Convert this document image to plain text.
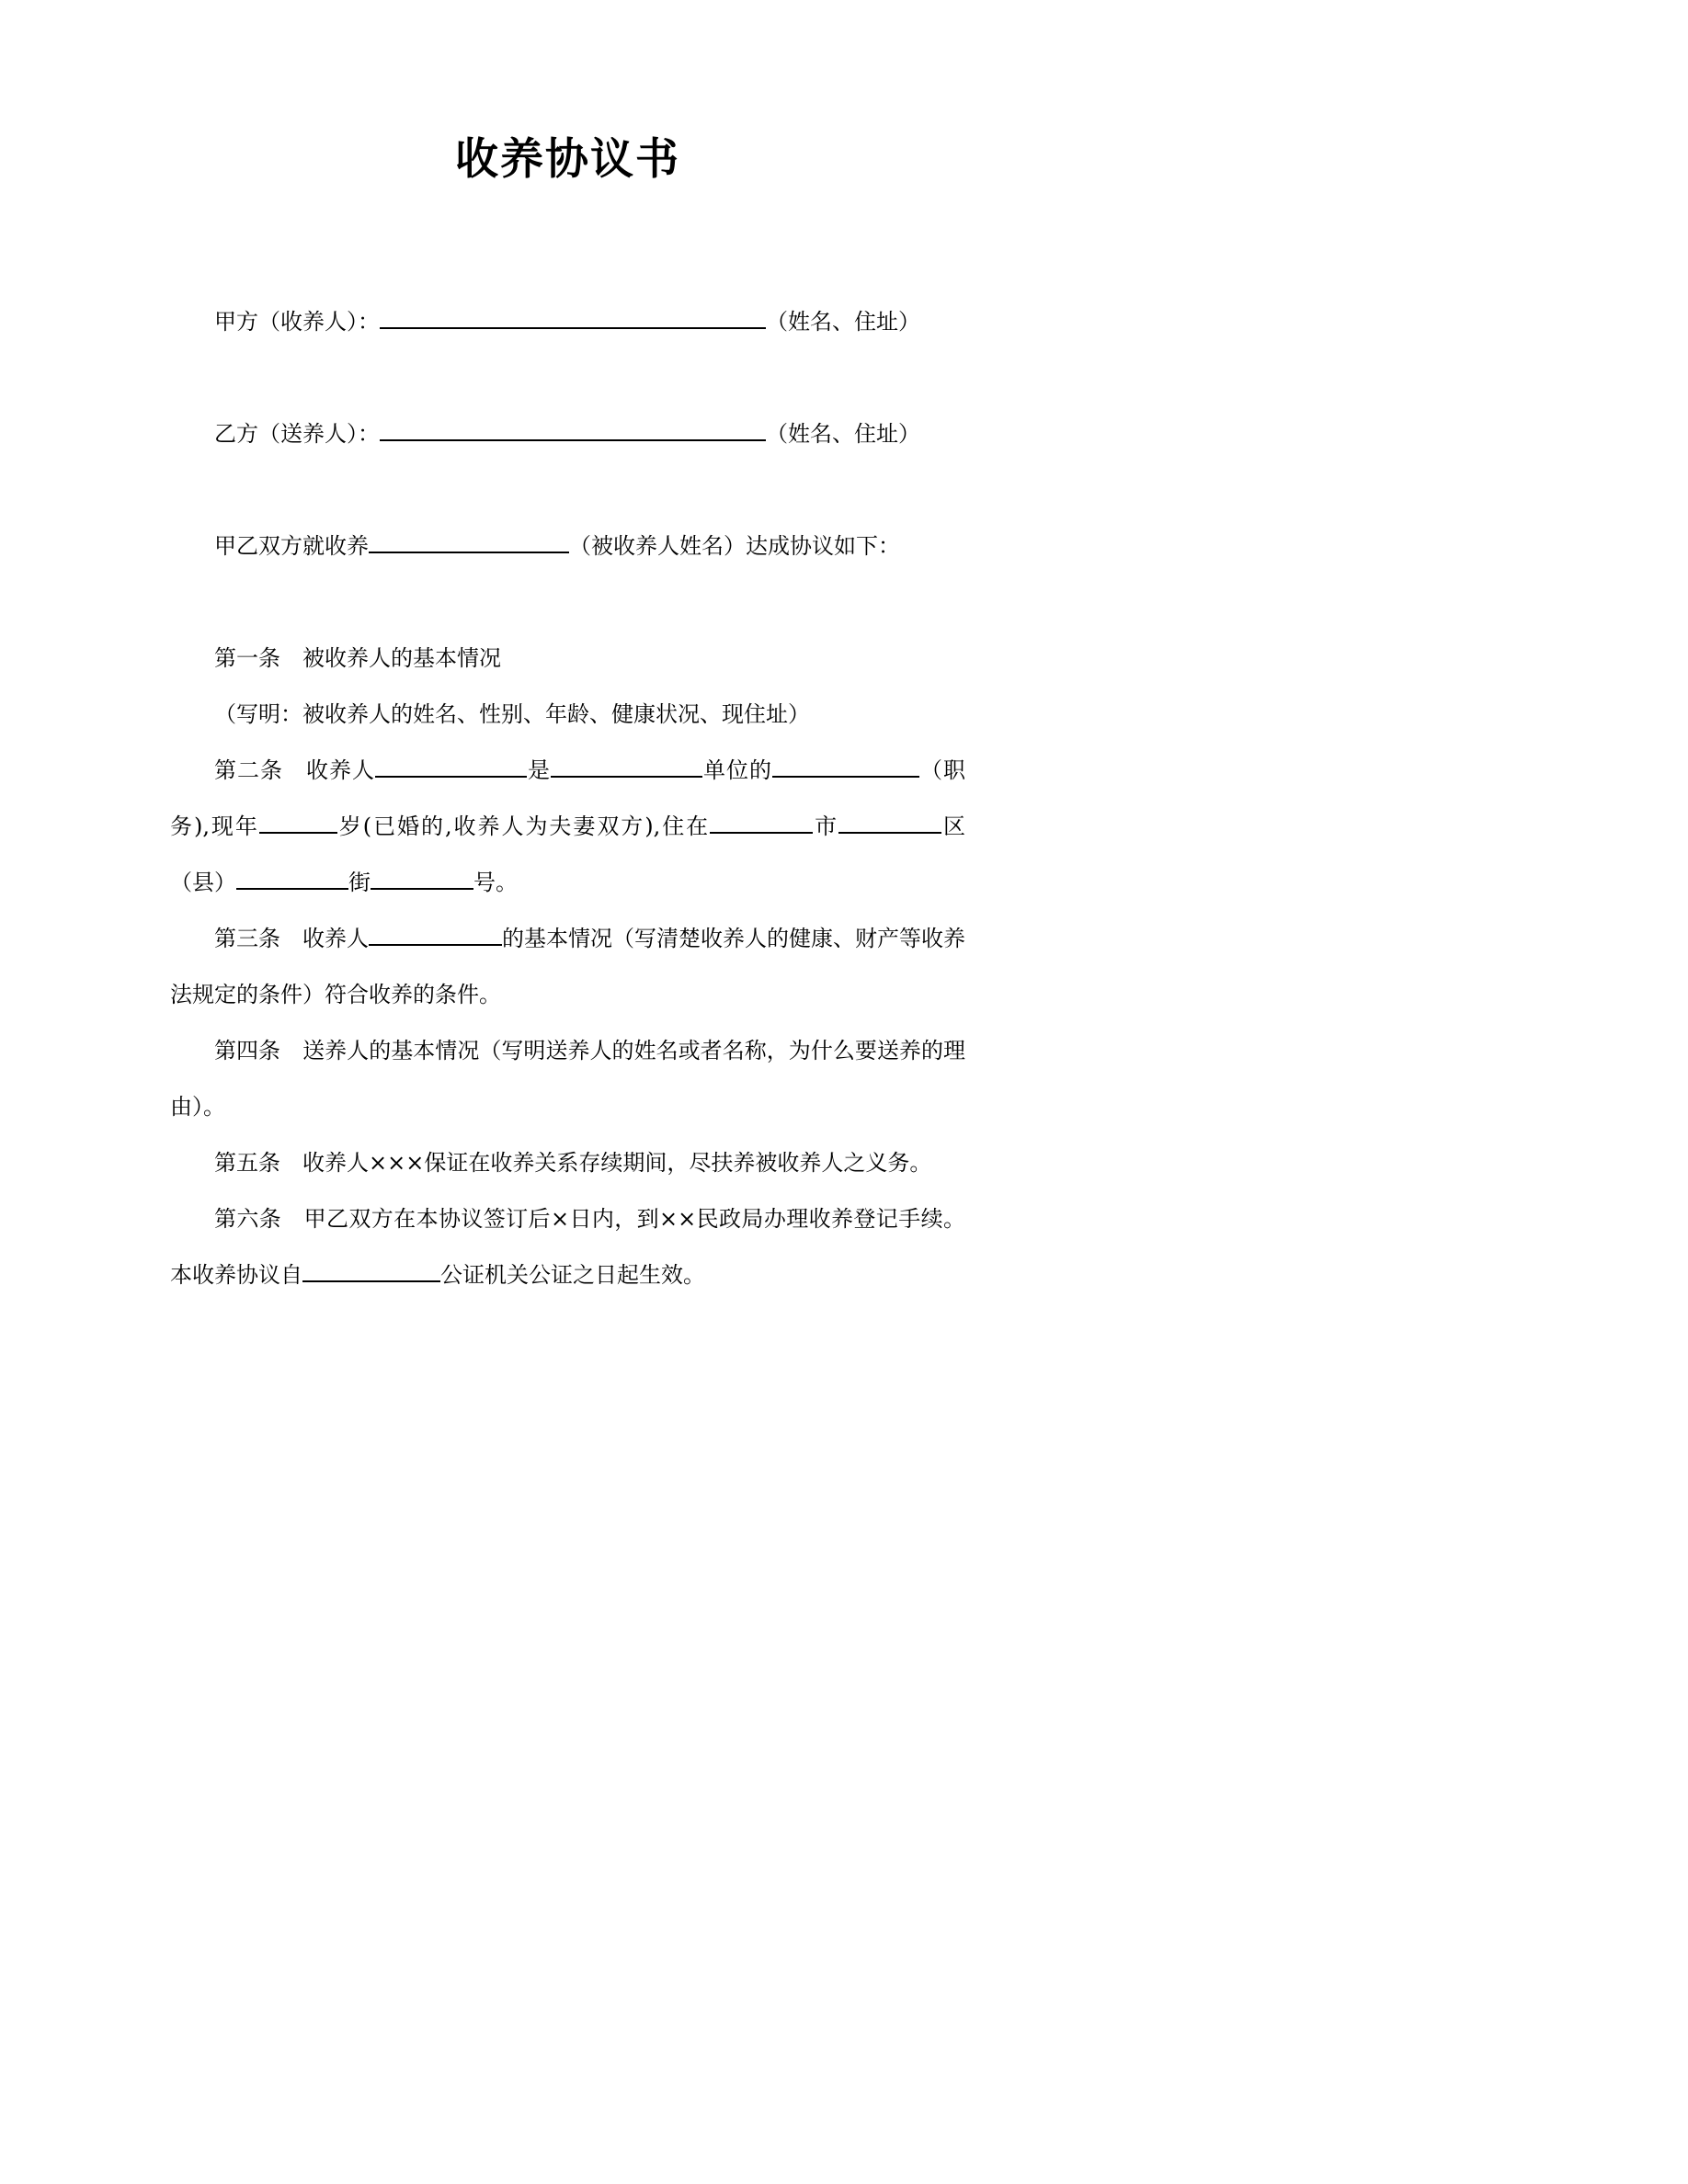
收养协议书

甲方（收养人）：	（姓名、住址）

乙方（送养人）：	（姓名、住址）

甲乙双方就收养	（被收养人姓名）达成协议如下：

第一条　被收养人的基本情况

（写明：被收养人的姓名、性别、年龄、健康状况、现住址）

第二条　收养人	是	单位的	（职务),现年	岁(已婚的,收养人为夫妻双方),住在	市	区（县）	街	号。

第三条　收养人	的基本情况（写清楚收养人的健康、财产等收养法规定的条件）符合收养的条件。

第四条　送养人的基本情况（写明送养人的姓名或者名称，为什么要送养的理由）。

第五条　收养人×××保证在收养关系存续期间，尽扶养被收养人之义务。

第六条　甲乙双方在本协议签订后×日内，到××民政局办理收养登记手续。本收养协议自	公证机关公证之日起生效。
